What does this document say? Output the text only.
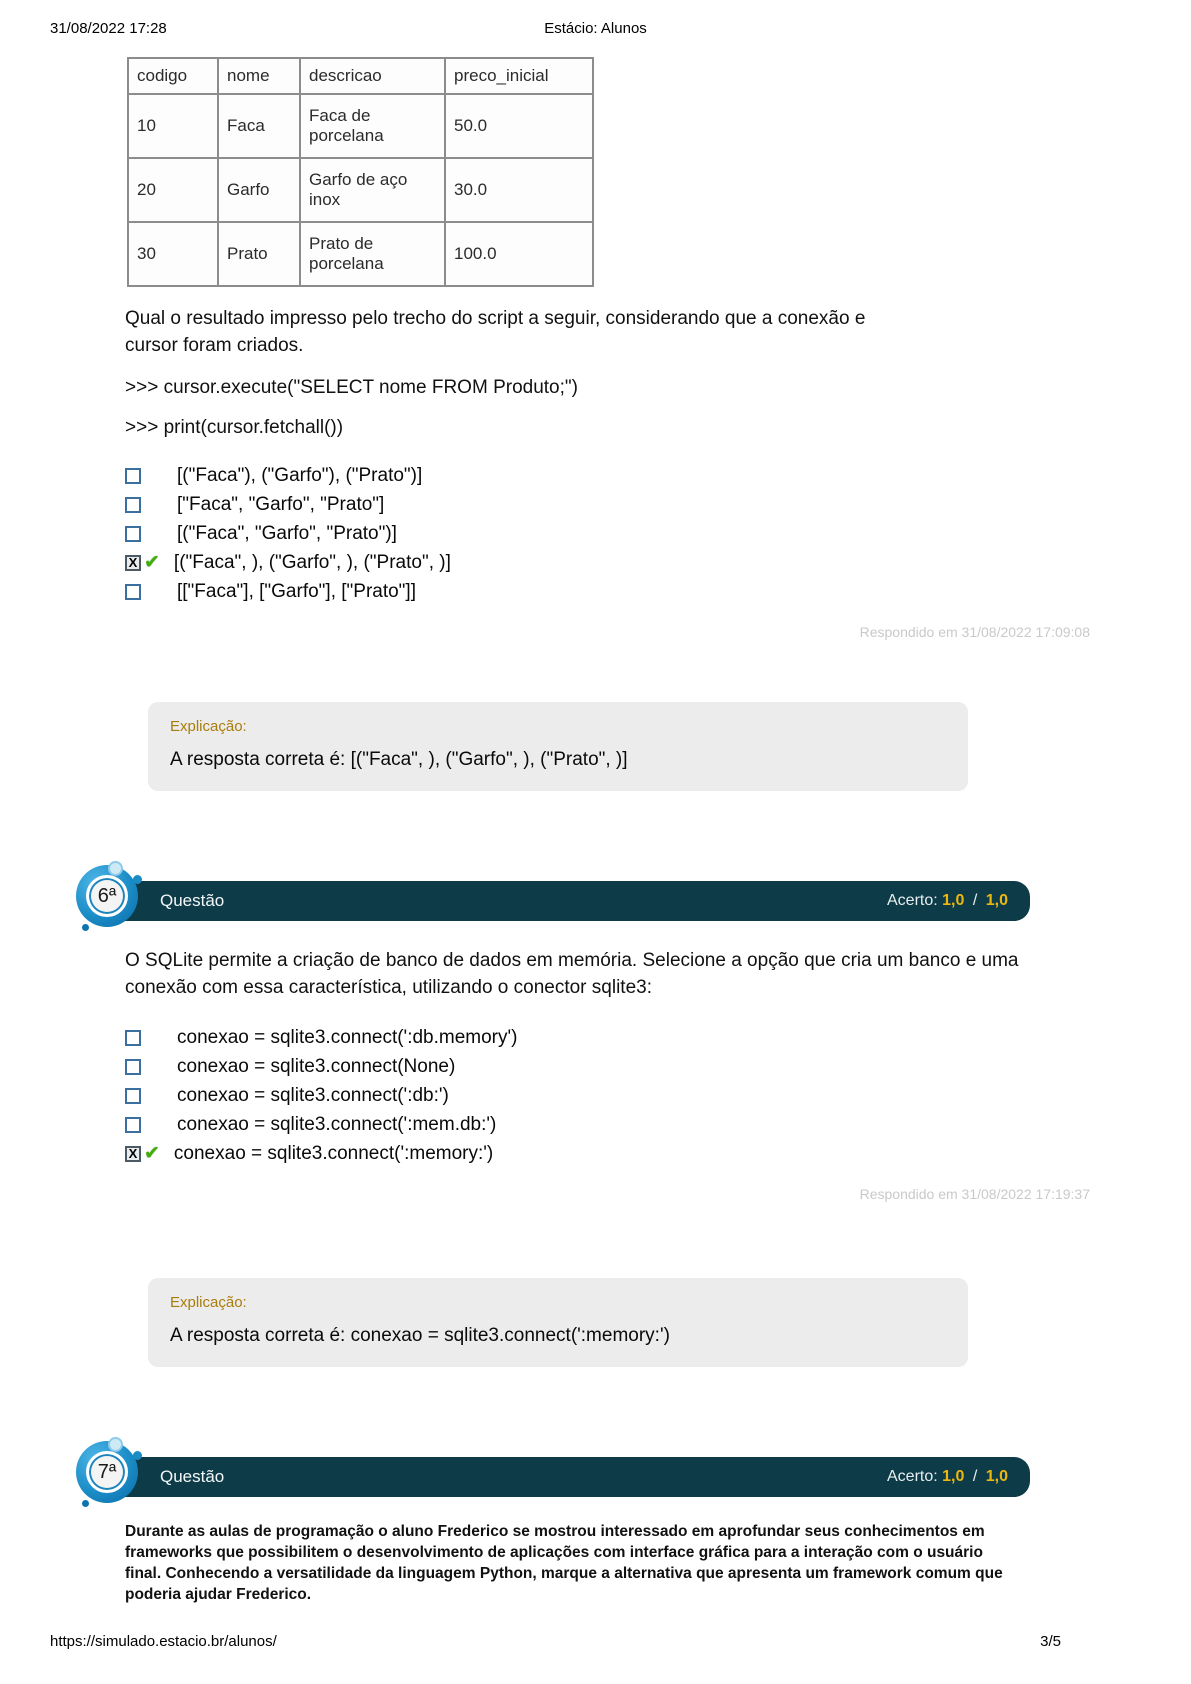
31/08/2022 17:28	Estácio: Alunos
codigo	nome	descricao	preco_inicial
10	Faca	Faca de porcelana	50.0
20	Garfo	Garfo de aço inox	30.0
30	Prato	Prato de porcelana	100.0

Qual o resultado impresso pelo trecho do script a seguir, considerando que a conexão e cursor foram criados.

>>> cursor.execute("SELECT nome FROM Produto;")

>>> print(cursor.fetchall())

[("Faca"), ("Garfo"), ("Prato")]
["Faca", "Garfo", "Prato"]
[("Faca", "Garfo", "Prato")]
X ✔ [("Faca", ), ("Garfo", ), ("Prato", )]
[["Faca"], ["Garfo"], ["Prato"]]
Respondido em 31/08/2022 17:09:08
Explicação:
A resposta correta é: [("Faca", ), ("Garfo", ), ("Prato", )]
6ª	Questão	Acerto: 1,0 / 1,0

O SQLite permite a criação de banco de dados em memória. Selecione a opção que cria um banco e uma conexão com essa característica, utilizando o conector sqlite3:

conexao = sqlite3.connect(':db.memory')
conexao = sqlite3.connect(None)
conexao = sqlite3.connect(':db:')
conexao = sqlite3.connect(':mem.db:')
X ✔ conexao = sqlite3.connect(':memory:')
Respondido em 31/08/2022 17:19:37
Explicação:
A resposta correta é: conexao = sqlite3.connect(':memory:')
7ª	Questão	Acerto: 1,0 / 1,0

Durante as aulas de programação o aluno Frederico se mostrou interessado em aprofundar seus conhecimentos em frameworks que possibilitem o desenvolvimento de aplicações com interface gráfica para a interação com o usuário final. Conhecendo a versatilidade da linguagem Python, marque a alternativa que apresenta um framework comum que poderia ajudar Frederico.

https://simulado.estacio.br/alunos/	3/5
